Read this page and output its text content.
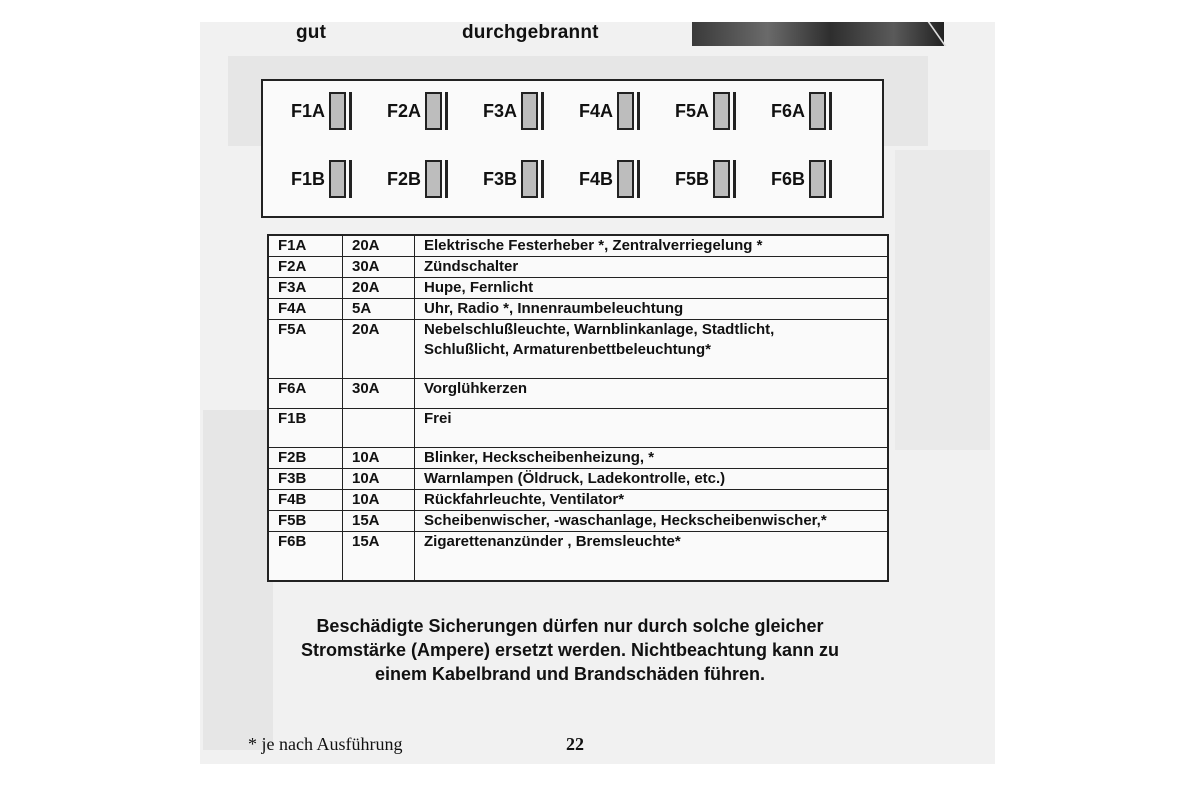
gut	durchgebrannt
F1A	F2A	F3A	F4A	F5A	F6A
F1B	F2B	F3B	F4B	F5B	F6B
F1A	20A	Elektrische Festerheber *, Zentralverriegelung *

F2A	30A	Zündschalter

F3A	20A	Hupe, Fernlicht

F4A	5A	Uhr, Radio *, Innenraumbeleuchtung

F5A	20A	Nebelschlußleuchte, Warnblinkanlage, Stadtlicht,
Schlußlicht, Armaturenbettbeleuchtung*

F6A	30A	Vorglühkerzen

F1B		Frei

F2B	10A	Blinker, Heckscheibenheizung, *

F3B	10A	Warnlampen (Öldruck, Ladekontrolle, etc.)

F4B	10A	Rückfahrleuchte, Ventilator*

F5B	15A	Scheibenwischer, -waschanlage, Heckscheibenwischer,*

F6B	15A	Zigarettenanzünder , Bremsleuchte*
Beschädigte Sicherungen dürfen nur durch solche gleicher
Stromstärke (Ampere) ersetzt werden. Nichtbeachtung kann zu
einem Kabelbrand und Brandschäden führen.
* je nach Ausführung	22
